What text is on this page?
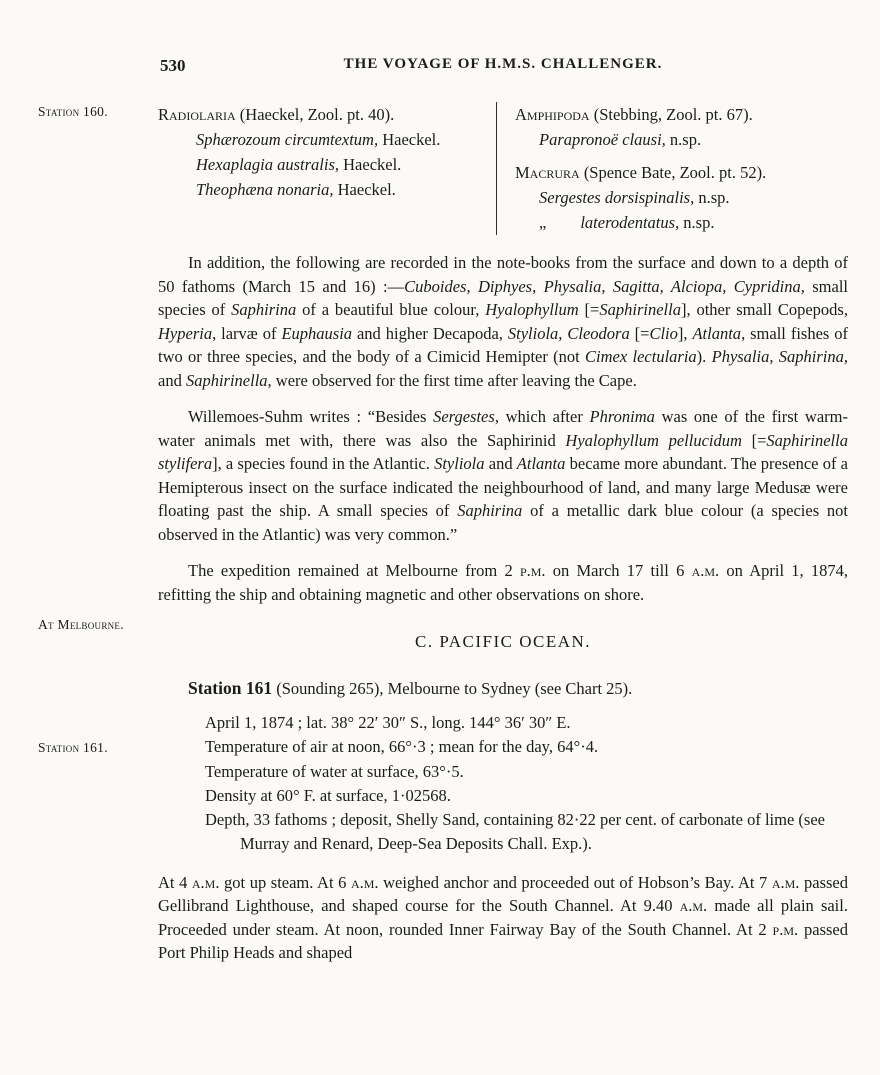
Station 160.
At Melbourne.
Station 161.
530	THE VOYAGE OF H.M.S. CHALLENGER.
Radiolaria (Haeckel, Zool. pt. 40).
Sphærozoum circumtextum, Haeckel.
Hexaplagia australis, Haeckel.
Theophæna nonaria, Haeckel.
Amphipoda (Stebbing, Zool. pt. 67).
Parapronoë clausi, n.sp.
Macrura (Spence Bate, Zool. pt. 52).
Sergestes dorsispinalis, n.sp.
„ laterodentatus, n.sp.

In addition, the following are recorded in the note-books from the surface and down to a depth of 50 fathoms (March 15 and 16) :—Cuboides, Diphyes, Physalia, Sagitta, Alciopa, Cypridina, small species of Saphirina of a beautiful blue colour, Hyalophyllum [=Saphirinella], other small Copepods, Hyperia, larvæ of Euphausia and higher Decapoda, Styliola, Cleodora [=Clio], Atlanta, small fishes of two or three species, and the body of a Cimicid Hemipter (not Cimex lectularia). Physalia, Saphirina, and Saphirinella, were observed for the first time after leaving the Cape.

Willemoes-Suhm writes : “Besides Sergestes, which after Phronima was one of the first warm-water animals met with, there was also the Saphirinid Hyalophyllum pellucidum [=Saphirinella stylifera], a species found in the Atlantic. Styliola and Atlanta became more abundant. The presence of a Hemipterous insect on the surface indicated the neighbourhood of land, and many large Medusæ were floating past the ship. A small species of Saphirina of a metallic dark blue colour (a species not observed in the Atlantic) was very common.”

The expedition remained at Melbourne from 2 p.m. on March 17 till 6 a.m. on April 1, 1874, refitting the ship and obtaining magnetic and other observations on shore.

C. PACIFIC OCEAN.

Station 161 (Sounding 265), Melbourne to Sydney (see Chart 25).

April 1, 1874 ; lat. 38° 22′ 30″ S., long. 144° 36′ 30″ E.

Temperature of air at noon, 66°·3 ; mean for the day, 64°·4.

Temperature of water at surface, 63°·5.

Density at 60° F. at surface, 1·02568.

Depth, 33 fathoms ; deposit, Shelly Sand, containing 82·22 per cent. of carbonate of lime (see Murray and Renard, Deep-Sea Deposits Chall. Exp.).

At 4 a.m. got up steam. At 6 a.m. weighed anchor and proceeded out of Hobson’s Bay. At 7 a.m. passed Gellibrand Lighthouse, and shaped course for the South Channel. At 9.40 a.m. made all plain sail. Proceeded under steam. At noon, rounded Inner Fairway Bay of the South Channel. At 2 p.m. passed Port Philip Heads and shaped
